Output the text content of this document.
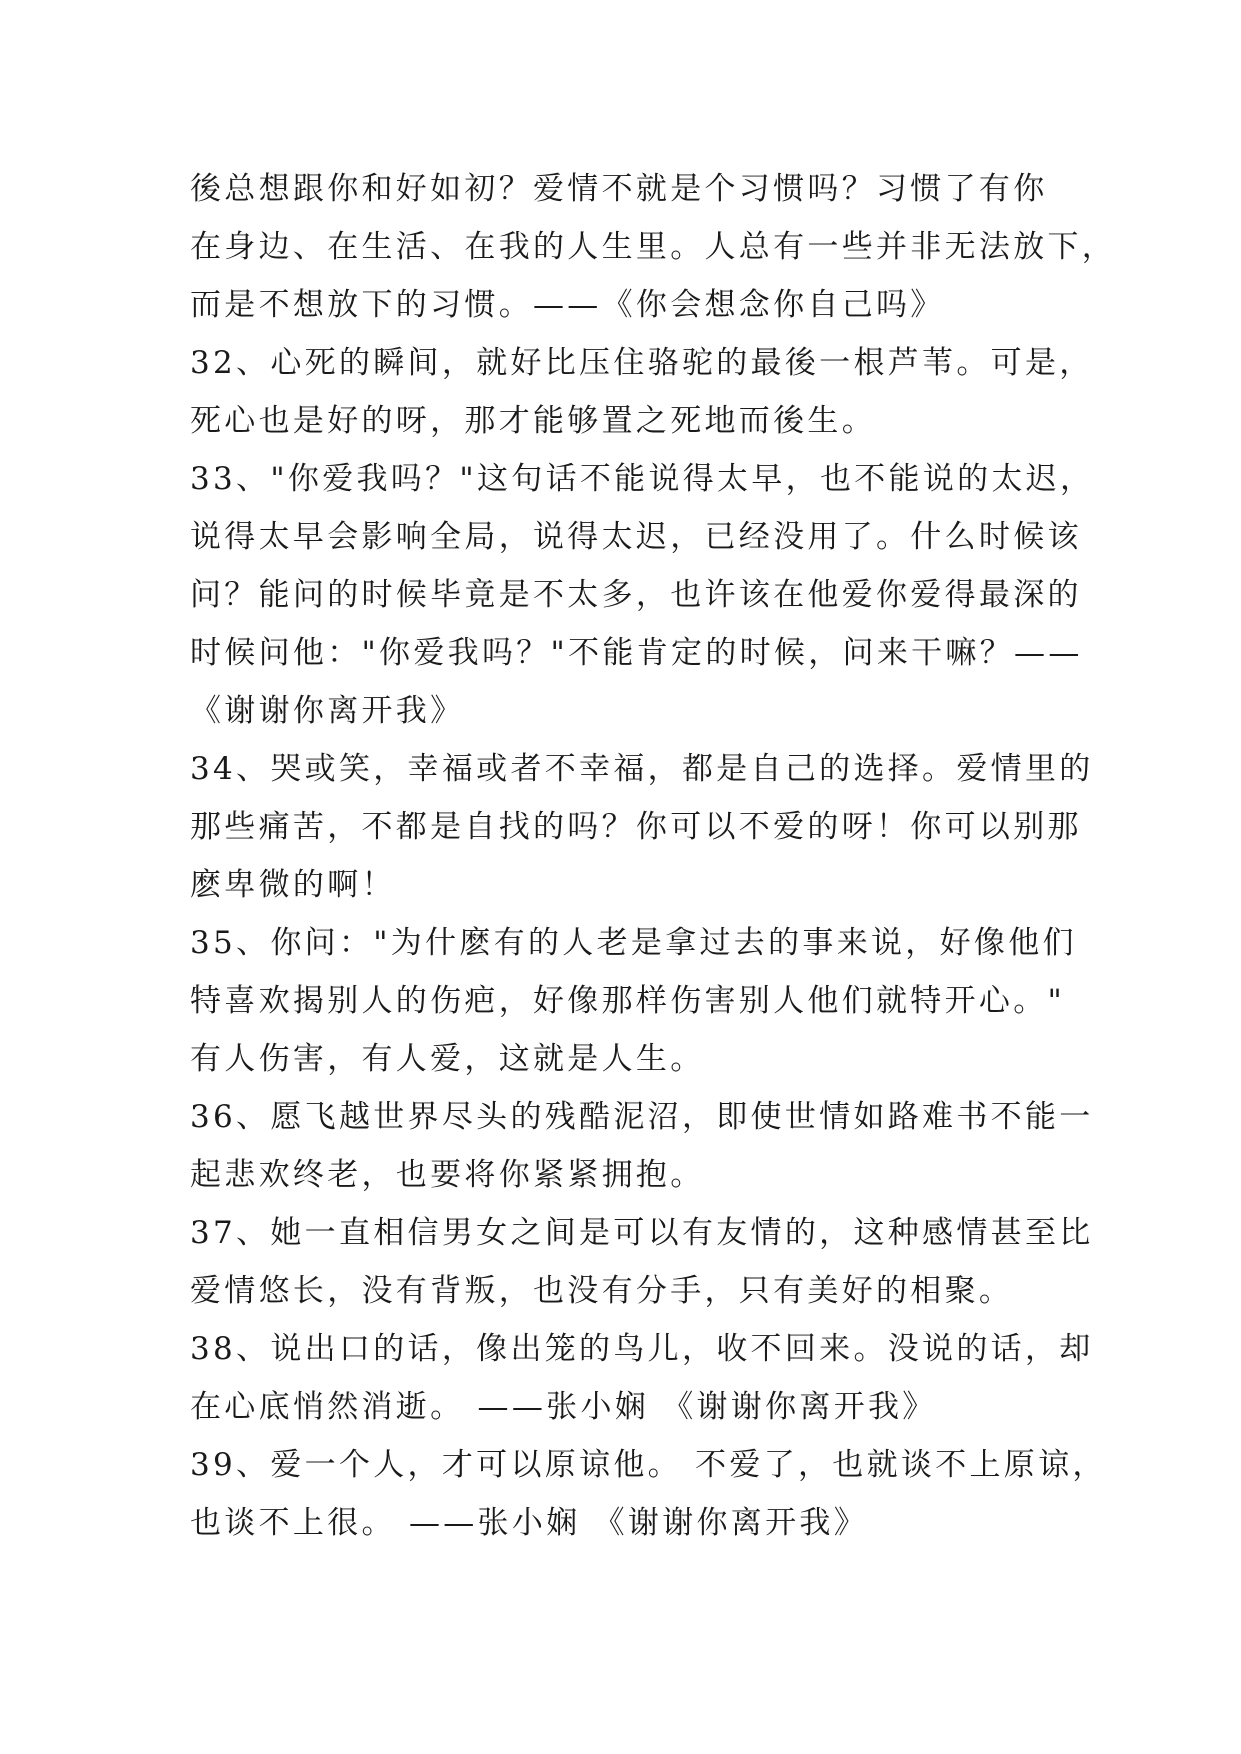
後总想跟你和好如初？爱情不就是个习惯吗？习惯了有你
在身边、在生活、在我的人生里。人总有一些并非无法放下，
而是不想放下的习惯。——《你会想念你自己吗》
32、心死的瞬间，就好比压住骆驼的最後一根芦苇。可是，
死心也是好的呀，那才能够置之死地而後生。
33、"你爱我吗？"这句话不能说得太早，也不能说的太迟，
说得太早会影响全局，说得太迟，已经没用了。什么时候该
问？能问的时候毕竟是不太多，也许该在他爱你爱得最深的
时候问他："你爱我吗？"不能肯定的时候，问来干嘛？——
《谢谢你离开我》
34、哭或笑，幸福或者不幸福，都是自己的选择。爱情里的
那些痛苦，不都是自找的吗？你可以不爱的呀！你可以别那
麽卑微的啊！
35、你问："为什麽有的人老是拿过去的事来说，好像他们
特喜欢揭别人的伤疤，好像那样伤害别人他们就特开心。"
有人伤害，有人爱，这就是人生。
36、愿飞越世界尽头的残酷泥沼，即使世情如路难书不能一
起悲欢终老，也要将你紧紧拥抱。
37、她一直相信男女之间是可以有友情的，这种感情甚至比
爱情悠长，没有背叛，也没有分手，只有美好的相聚。
38、说出口的话，像出笼的鸟儿，收不回来。没说的话，却
在心底悄然消逝。 ——张小娴 《谢谢你离开我》
39、爱一个人，才可以原谅他。 不爱了，也就谈不上原谅，
也谈不上很。 ——张小娴 《谢谢你离开我》
